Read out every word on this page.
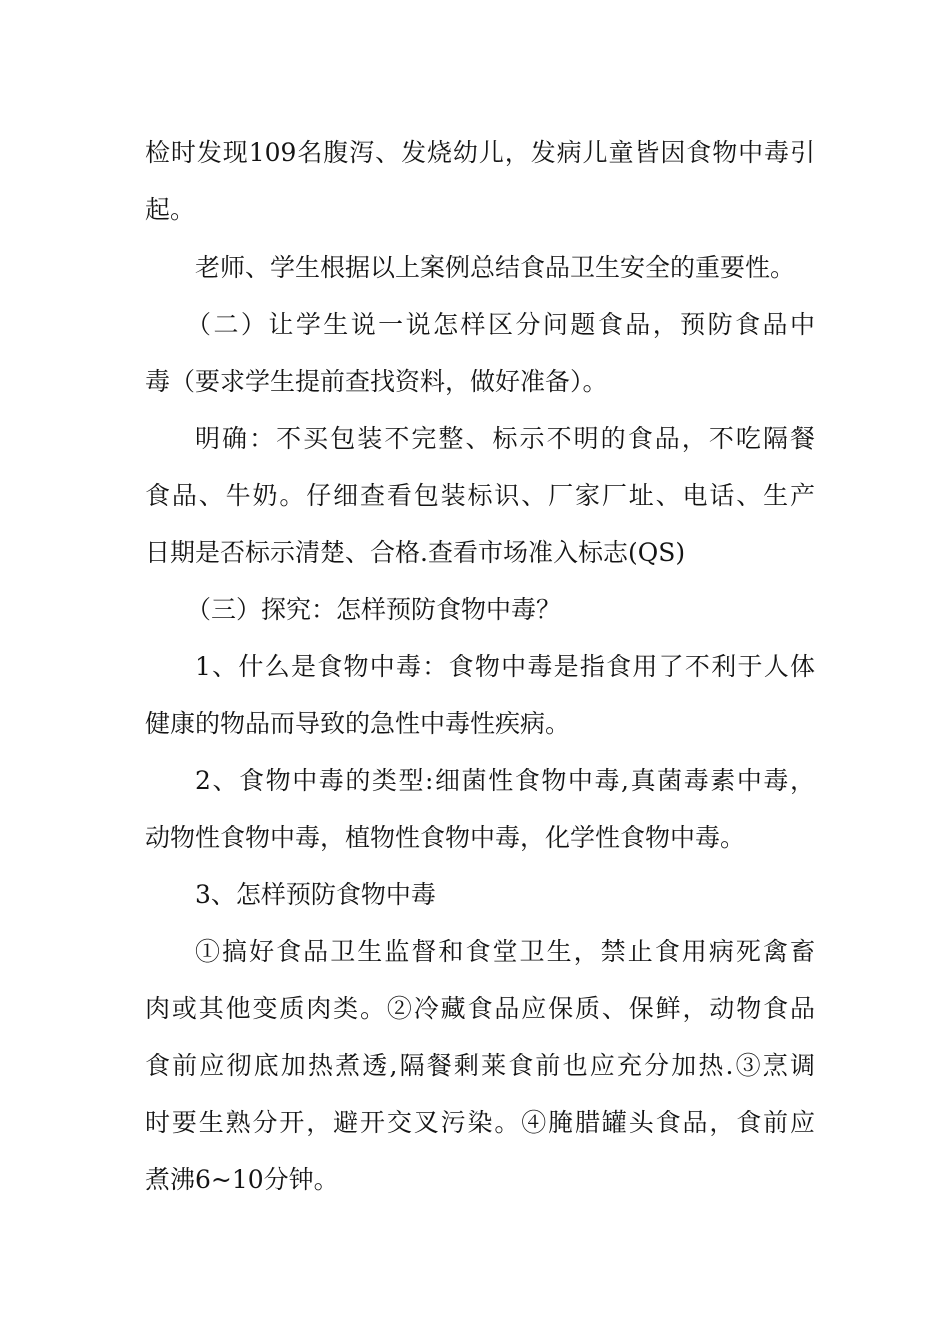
检时发现109名腹泻、发烧幼儿，发病儿童皆因食物中毒引
起。
老师、学生根据以上案例总结食品卫生安全的重要性。
（二）让学生说一说怎样区分问题食品，预防食品中
毒（要求学生提前查找资料，做好准备）。
明确：不买包装不完整、标示不明的食品，不吃隔餐
食品、牛奶。仔细查看包装标识、厂家厂址、电话、生产
日期是否标示清楚、合格.查看市场准入标志(QS)
（三）探究：怎样预防食物中毒？
1、什么是食物中毒：食物中毒是指食用了不利于人体
健康的物品而导致的急性中毒性疾病。
2、食物中毒的类型:细菌性食物中毒,真菌毒素中毒，
动物性食物中毒，植物性食物中毒，化学性食物中毒。
3、怎样预防食物中毒
①搞好食品卫生监督和食堂卫生，禁止食用病死禽畜
肉或其他变质肉类。②冷藏食品应保质、保鲜，动物食品
食前应彻底加热煮透,隔餐剩莱食前也应充分加热.③烹调
时要生熟分开，避开交叉污染。④腌腊罐头食品，食前应
煮沸6~10分钟。
